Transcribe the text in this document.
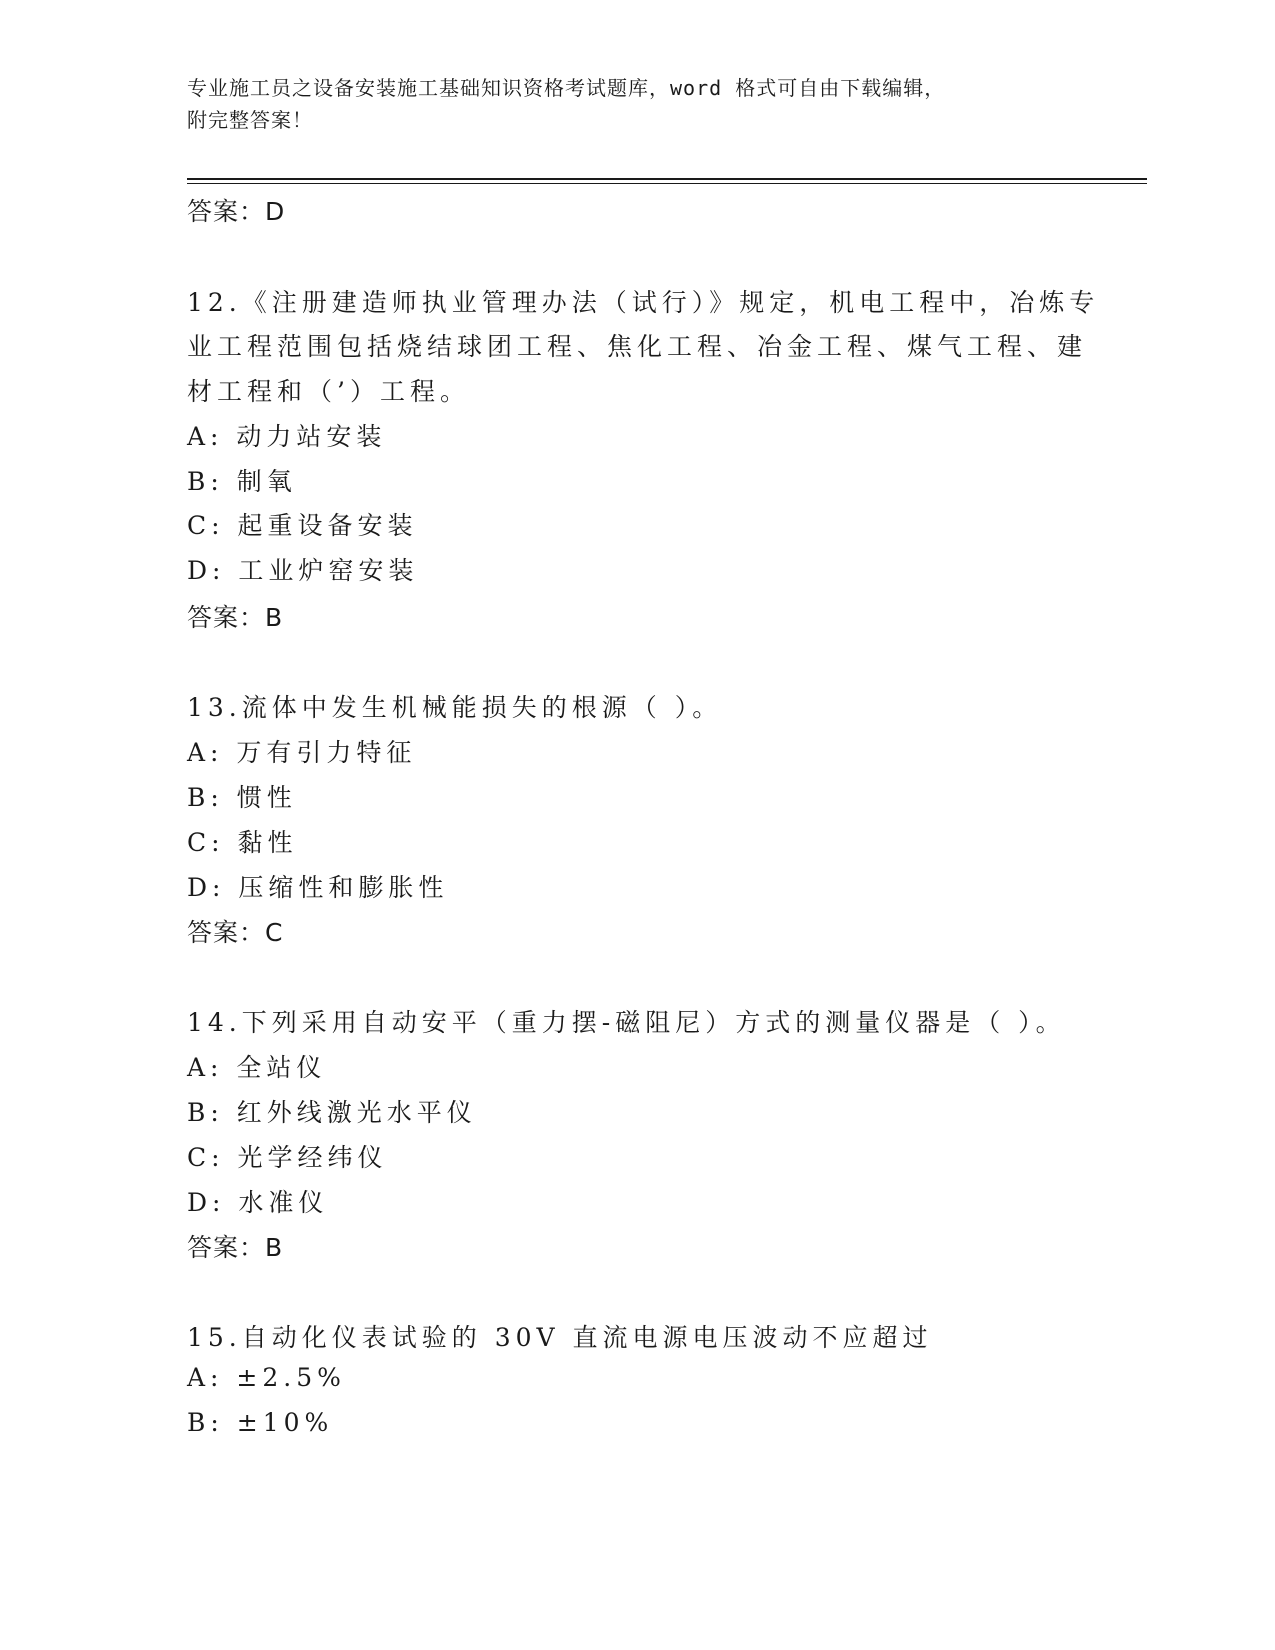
专业施工员之设备安装施工基础知识资格考试题库，word 格式可自由下载编辑，
附完整答案！
答案：D
12.《注册建造师执业管理办法（试行）》规定，机电工程中，冶炼专
业工程范围包括烧结球团工程、焦化工程、冶金工程、煤气工程、建
材工程和（’）工程。
A: 动力站安装
B: 制氧
C: 起重设备安装
D: 工业炉窑安装
答案：B
13.流体中发生机械能损失的根源（ ）。
A: 万有引力特征
B: 惯性
C: 黏性
D: 压缩性和膨胀性
答案：C
14.下列采用自动安平（重力摆-磁阻尼）方式的测量仪器是（ ）。
A: 全站仪
B: 红外线激光水平仪
C: 光学经纬仪
D: 水准仪
答案：B
15.自动化仪表试验的 30V 直流电源电压波动不应超过
A: ±2.5%
B: ±10%
